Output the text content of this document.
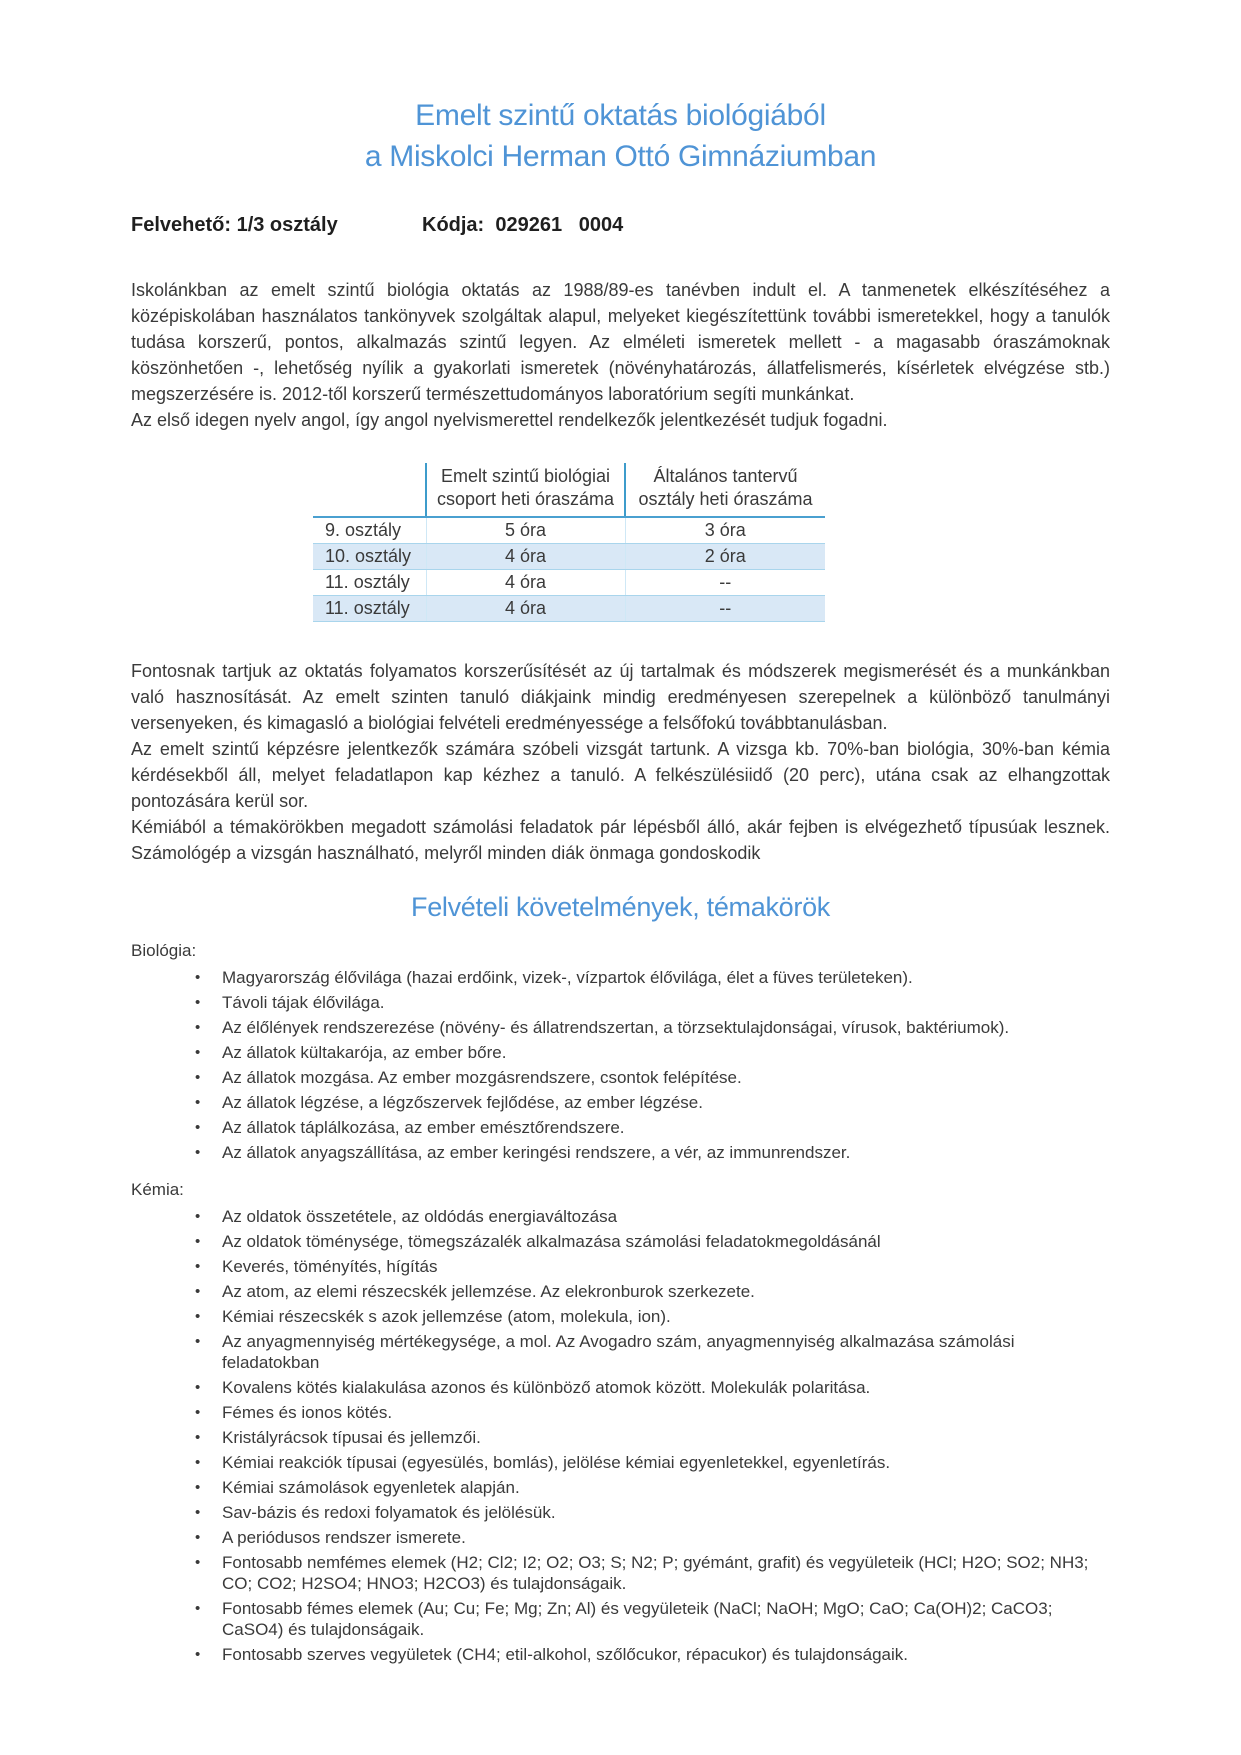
Emelt szintű oktatás biológiából
a Miskolci Herman Ottó Gimnáziumban
Felvehető: 1/3 osztály	Kódja:  029261   0004

Iskolánkban az emelt szintű biológia oktatás az 1988/89-es tanévben indult el. A tanmenetek elkészítéséhez a középiskolában használatos tankönyvek szolgáltak alapul, melyeket kiegészítettünk további ismeretekkel, hogy a tanulók tudása korszerű, pontos, alkalmazás szintű legyen. Az elméleti ismeretek mellett - a magasabb óraszámoknak köszönhetően -, lehetőség nyílik a gyakorlati ismeretek (növényhatározás, állatfelismerés, kísérletek elvégzése stb.) megszerzésére is. 2012-től korszerű természettudományos laboratórium segíti munkánkat.

Az első idegen nyelv angol, így angol nyelvismerettel rendelkezők jelentkezését tudjuk fogadni.

	Emelt szintű biológiai csoport heti óraszáma	Általános tantervű osztály heti óraszáma
9. osztály	5 óra	3 óra
10. osztály	4 óra	2 óra
11. osztály	4 óra	--
11. osztály	4 óra	--

Fontosnak tartjuk az oktatás folyamatos korszerűsítését az új tartalmak és módszerek megismerését és a munkánkban való hasznosítását. Az emelt szinten tanuló diákjaink mindig eredményesen szerepelnek a különböző tanulmányi versenyeken, és kimagasló a biológiai felvételi eredményessége a felsőfokú továbbtanulásban.

Az emelt szintű képzésre jelentkezők számára szóbeli vizsgát tartunk. A vizsga kb. 70%-ban biológia, 30%-ban kémia kérdésekből áll, melyet feladatlapon kap kézhez a tanuló. A felkészülésiidő (20 perc), utána csak az elhangzottak pontozására kerül sor.

Kémiából a témakörökben megadott számolási feladatok pár lépésből álló, akár fejben is elvégezhető típusúak lesznek. Számológép a vizsgán használható, melyről minden diák önmaga gondoskodik

Felvételi követelmények, témakörök
Biológia:
• Magyarország élővilága (hazai erdőink, vizek-, vízpartok élővilága, élet a füves területeken).
• Távoli tájak élővilága.
• Az élőlények rendszerezése (növény- és állatrendszertan, a törzsektulajdonságai, vírusok, baktériumok).
• Az állatok kültakarója, az ember bőre.
• Az állatok mozgása. Az ember mozgásrendszere, csontok felépítése.
• Az állatok légzése, a légzőszervek fejlődése, az ember légzése.
• Az állatok táplálkozása, az ember emésztőrendszere.
• Az állatok anyagszállítása, az ember keringési rendszere, a vér, az immunrendszer.
Kémia:
• Az oldatok összetétele, az oldódás energiaváltozása
• Az oldatok töménysége, tömegszázalék alkalmazása számolási feladatokmegoldásánál
• Keverés, töményítés, hígítás
• Az atom, az elemi részecskék jellemzése. Az elekronburok szerkezete.
• Kémiai részecskék s azok jellemzése (atom, molekula, ion).
• Az anyagmennyiség mértékegysége, a mol. Az Avogadro szám, anyagmennyiség alkalmazása számolási feladatokban
• Kovalens kötés kialakulása azonos és különböző atomok között. Molekulák polaritása.
• Fémes és ionos kötés.
• Kristályrácsok típusai és jellemzői.
• Kémiai reakciók típusai (egyesülés, bomlás), jelölése kémiai egyenletekkel, egyenletírás.
• Kémiai számolások egyenletek alapján.
• Sav-bázis és redoxi folyamatok és jelölésük.
• A periódusos rendszer ismerete.
• Fontosabb nemfémes elemek (H2; Cl2; I2; O2; O3; S; N2; P; gyémánt, grafit) és vegyületeik (HCl; H2O; SO2; NH3; CO; CO2; H2SO4; HNO3; H2CO3) és tulajdonságaik.
• Fontosabb fémes elemek (Au; Cu; Fe; Mg; Zn; Al) és vegyületeik (NaCl; NaOH; MgO; CaO; Ca(OH)2; CaCO3; CaSO4) és tulajdonságaik.
• Fontosabb szerves vegyületek (CH4; etil-alkohol, szőlőcukor, répacukor) és tulajdonságaik.
